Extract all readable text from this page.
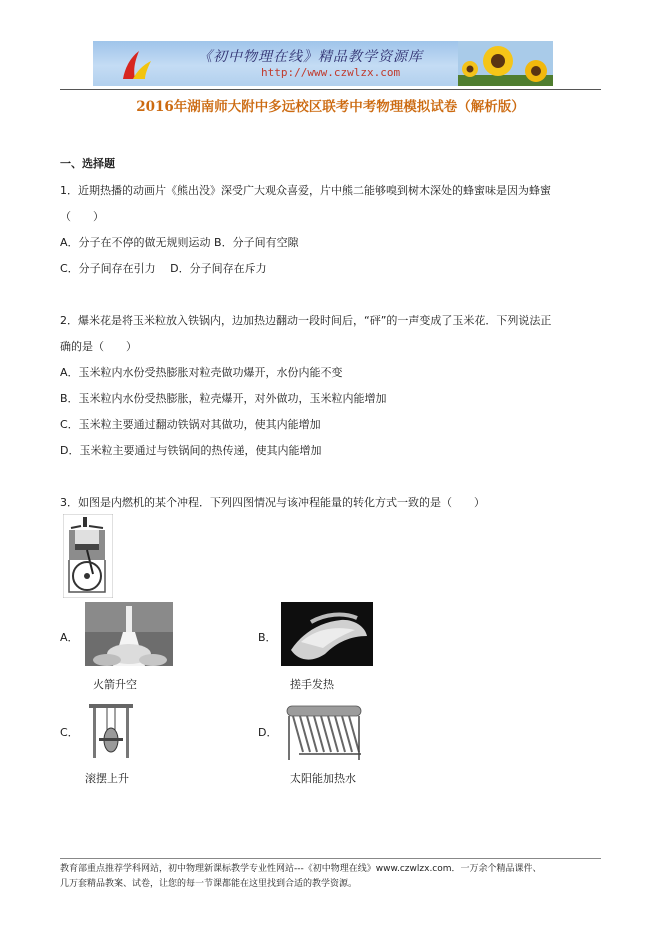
《初中物理在线》精品教学资源库
http://www.czwlzx.com
2016年湖南师大附中多远校区联考中考物理模拟试卷（解析版）
一、选择题
1．近期热播的动画片《熊出没》深受广大观众喜爱，片中熊二能够嗅到树木深处的蜂蜜味是因为蜂蜜
（　　）
A．分子在不停的做无规则运动 B．分子间有空隙
C．分子间存在引力　 D．分子间存在斥力
2．爆米花是将玉米粒放入铁锅内，边加热边翻动一段时间后，“砰”的一声变成了玉米花．下列说法正
确的是（　　）
A．玉米粒内水份受热膨胀对粒壳做功爆开，水份内能不变
B．玉米粒内水份受热膨胀，粒壳爆开，对外做功，玉米粒内能增加
C．玉米粒主要通过翻动铁锅对其做功，使其内能增加
D．玉米粒主要通过与铁锅间的热传递，使其内能增加
3．如图是内燃机的某个冲程．下列四图情况与该冲程能量的转化方式一致的是（　　）
A．
火箭升空
B．
搓手发热
C．
滚摆上升
D．
太阳能加热水
教育部重点推荐学科网站，初中物理新课标教学专业性网站---《初中物理在线》www.czwlzx.com．一万余个精品课件、
几万套精品教案、试卷，让您的每一节课都能在这里找到合适的教学资源。
